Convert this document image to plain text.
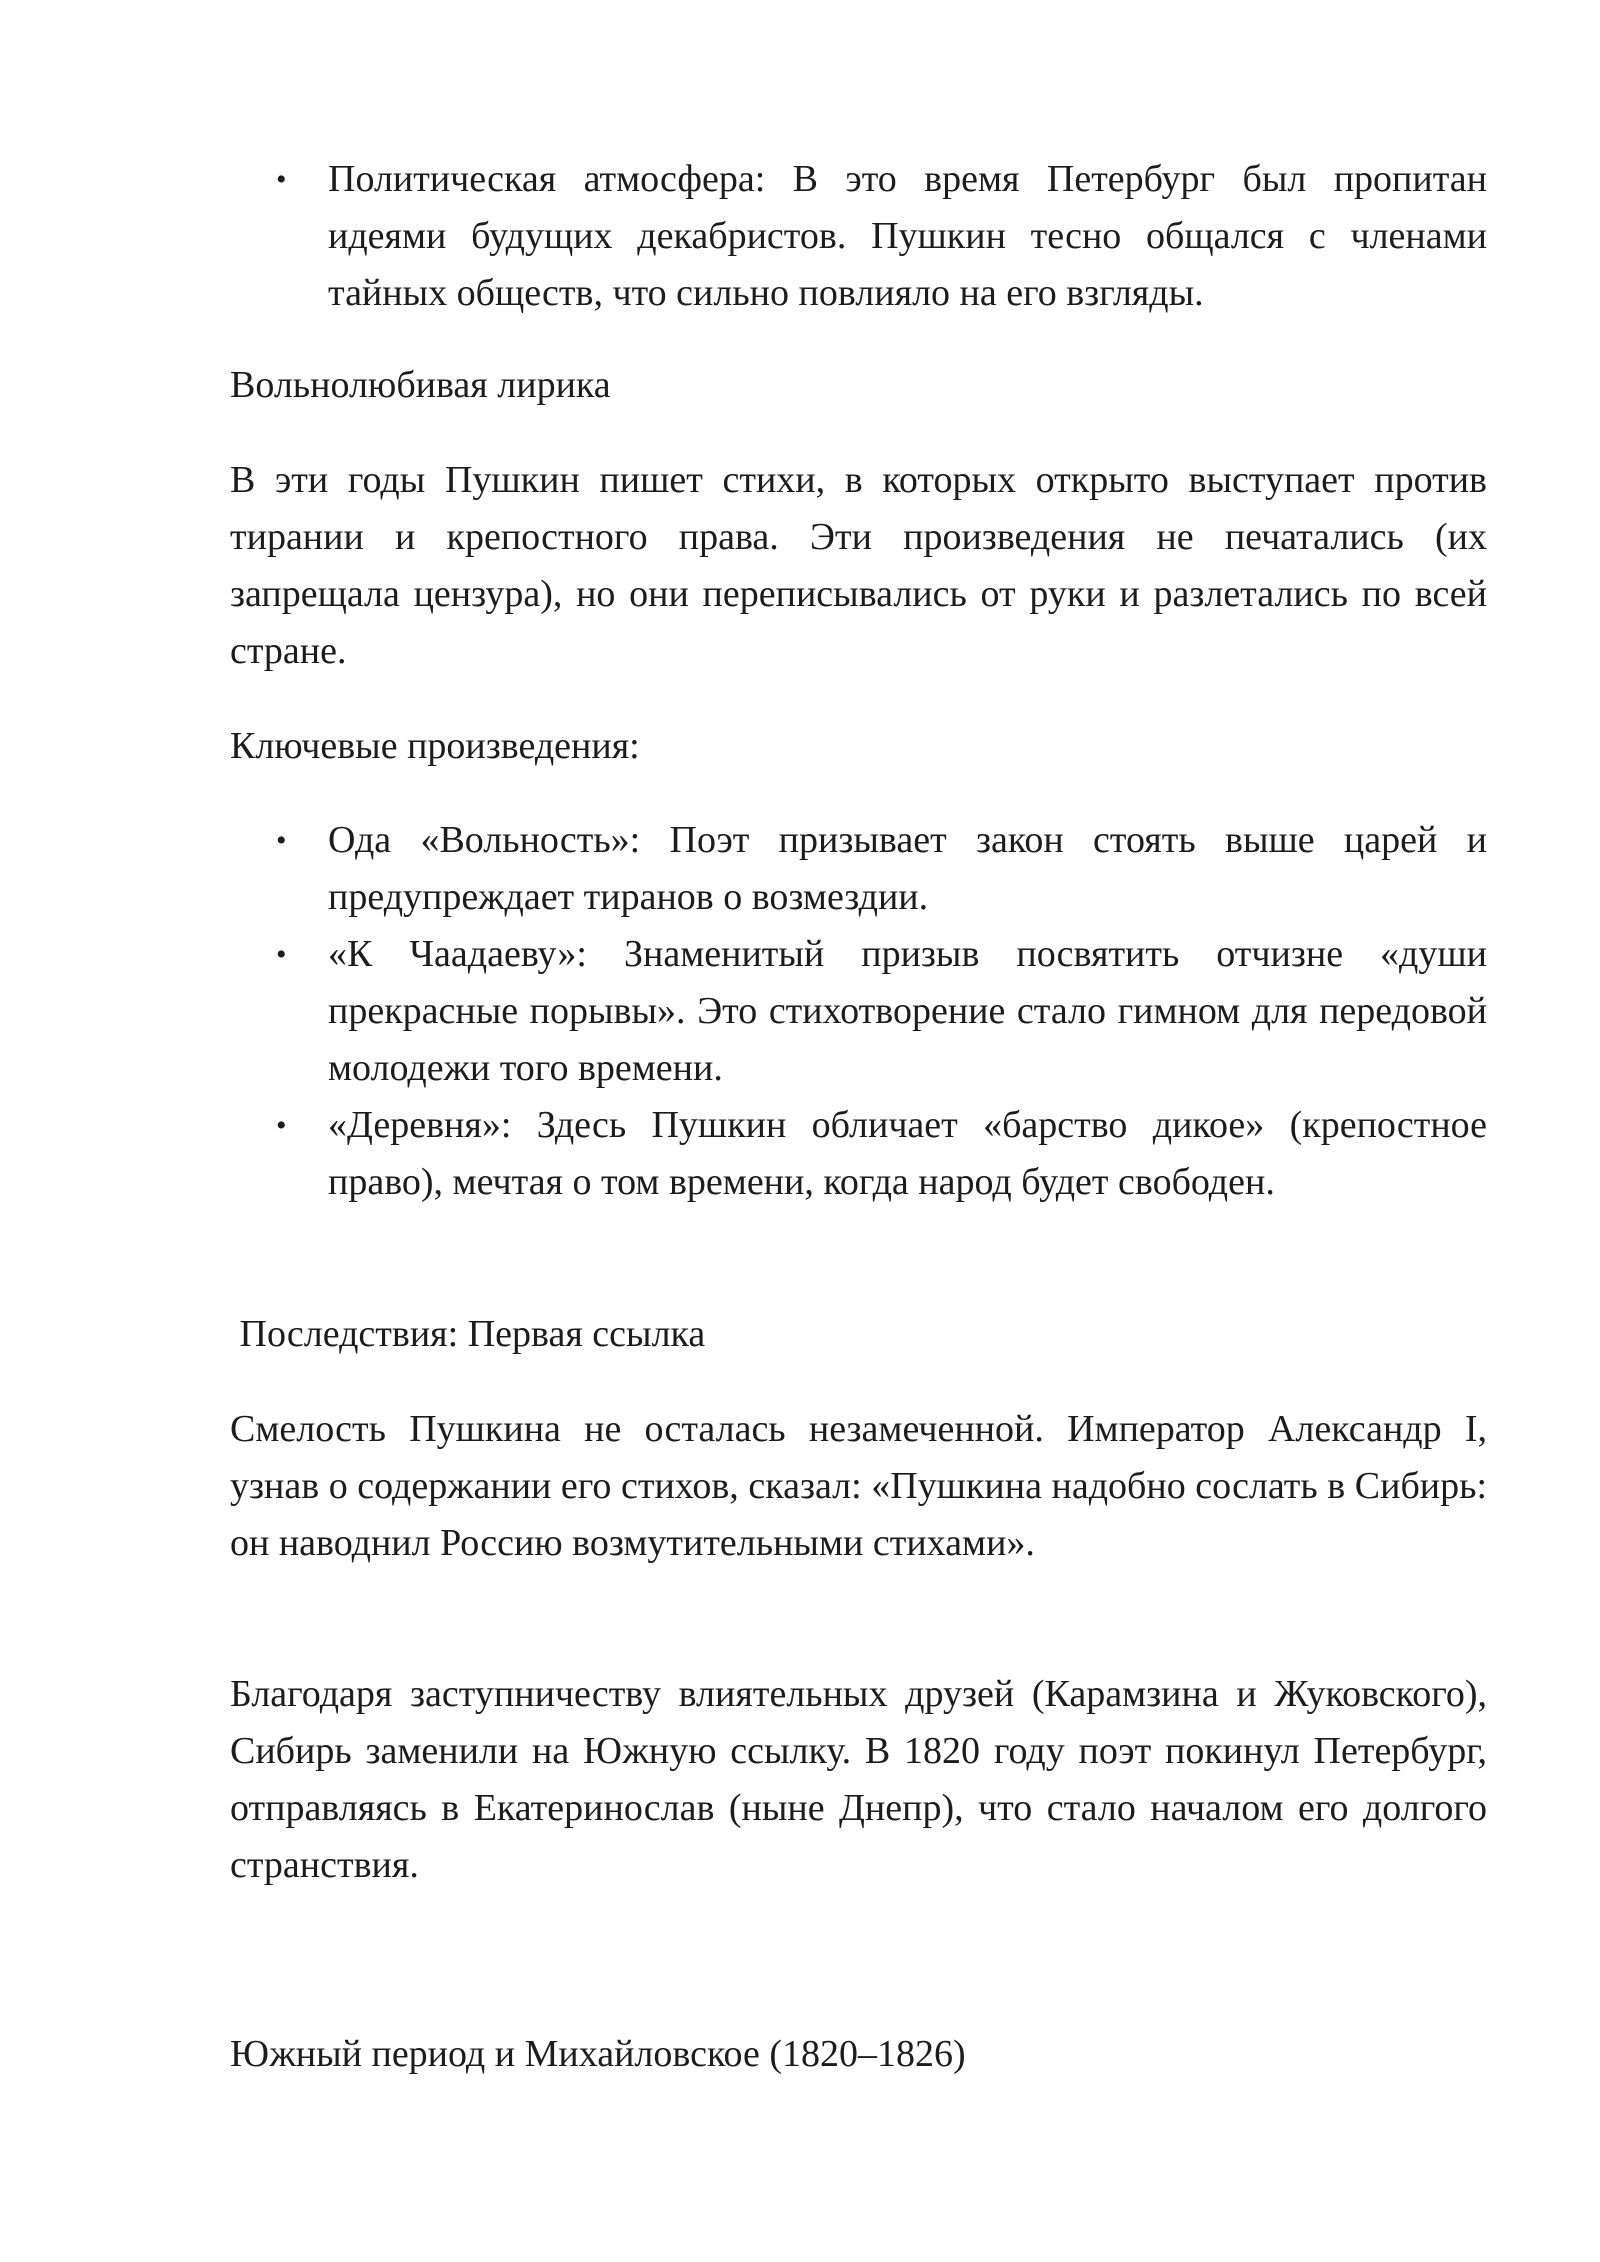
• Политическая атмосфера: В это время Петербург был пропитан идеями будущих декабристов. Пушкин тесно общался с членами тайных обществ, что сильно повлияло на его взгляды.

Вольнолюбивая лирика

В эти годы Пушкин пишет стихи, в которых открыто выступает против тирании и крепостного права. Эти произведения не печатались (их запрещала цензура), но они переписывались от руки и разлетались по всей стране.

Ключевые произведения:

• Ода «Вольность»: Поэт призывает закон стоять выше царей и предупреждает тиранов о возмездии.
• «К Чаадаеву»: Знаменитый призыв посвятить отчизне «души прекрасные порывы». Это стихотворение стало гимном для передовой молодежи того времени.
• «Деревня»: Здесь Пушкин обличает «барство дикое» (крепостное право), мечтая о том времени, когда народ будет свободен.

Последствия: Первая ссылка

Смелость Пушкина не осталась незамеченной. Император Александр I, узнав о содержании его стихов, сказал: «Пушкина надобно сослать в Сибирь: он наводнил Россию возмутительными стихами».

Благодаря заступничеству влиятельных друзей (Карамзина и Жуковского), Сибирь заменили на Южную ссылку. В 1820 году поэт покинул Петербург, отправляясь в Екатеринослав (ныне Днепр), что стало началом его долгого странствия.

Южный период и Михайловское (1820–1826)
